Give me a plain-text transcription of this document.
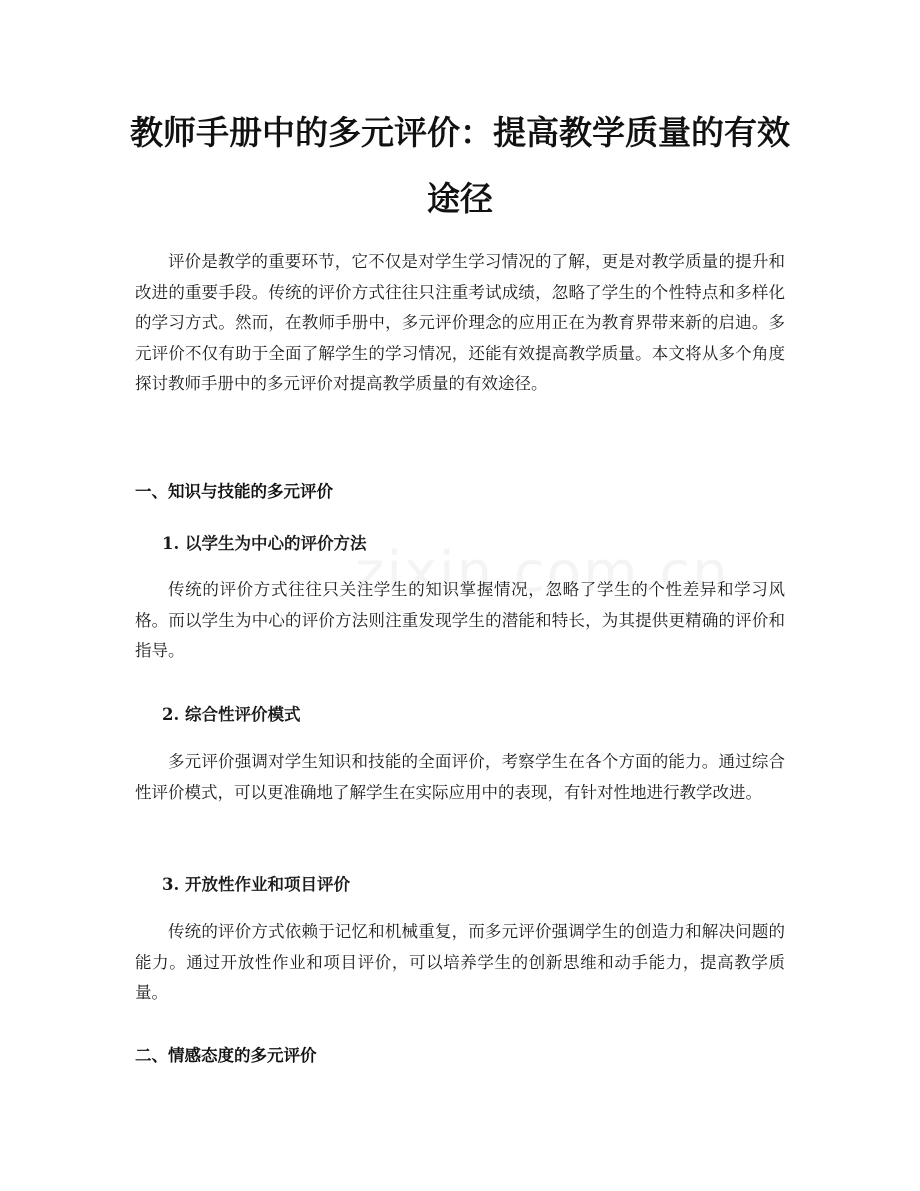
教师手册中的多元评价：提高教学质量的有效途径

评价是教学的重要环节，它不仅是对学生学习情况的了解，更是对教学质量的提升和改进的重要手段。传统的评价方式往往只注重考试成绩，忽略了学生的个性特点和多样化的学习方式。然而，在教师手册中，多元评价理念的应用正在为教育界带来新的启迪。多元评价不仅有助于全面了解学生的学习情况，还能有效提高教学质量。本文将从多个角度探讨教师手册中的多元评价对提高教学质量的有效途径。

一、知识与技能的多元评价
1. 以学生为中心的评价方法

传统的评价方式往往只关注学生的知识掌握情况，忽略了学生的个性差异和学习风格。而以学生为中心的评价方法则注重发现学生的潜能和特长，为其提供更精确的评价和指导。

2. 综合性评价模式

多元评价强调对学生知识和技能的全面评价，考察学生在各个方面的能力。通过综合性评价模式，可以更准确地了解学生在实际应用中的表现，有针对性地进行教学改进。

3. 开放性作业和项目评价

传统的评价方式依赖于记忆和机械重复，而多元评价强调学生的创造力和解决问题的能力。通过开放性作业和项目评价，可以培养学生的创新思维和动手能力，提高教学质量。

二、情感态度的多元评价
